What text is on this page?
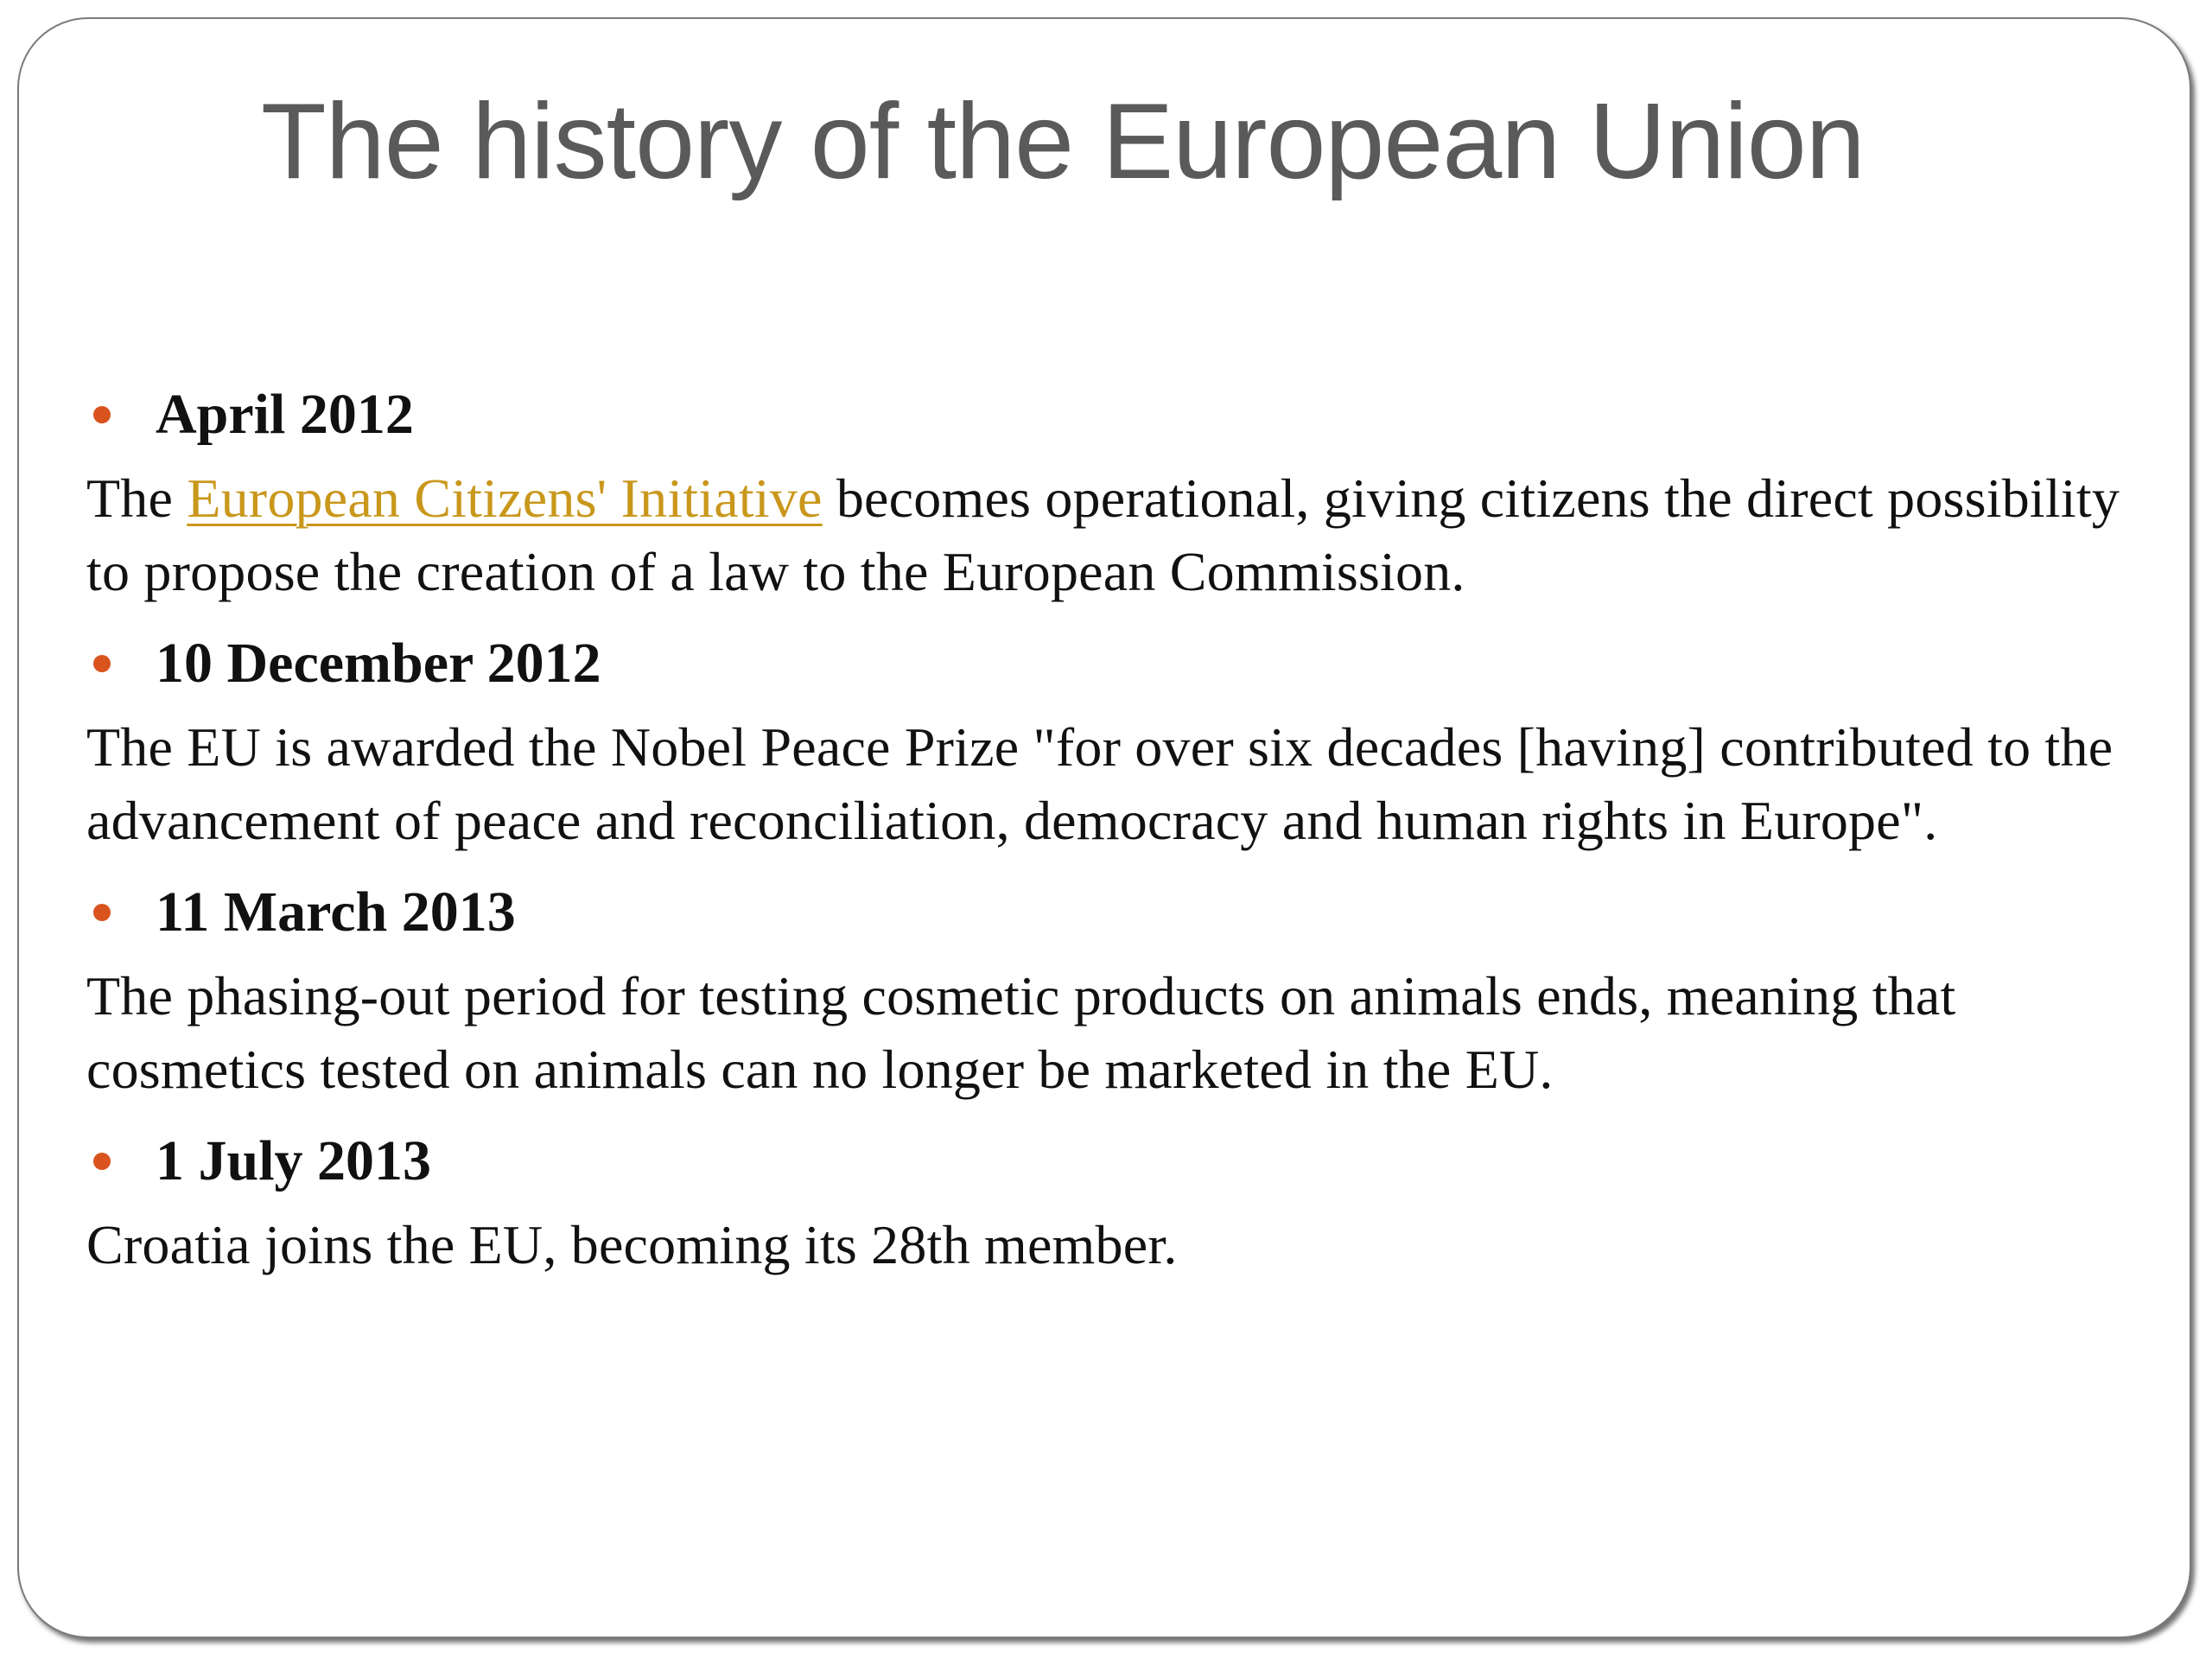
The history of the European Union
April 2012
The European Citizens' Initiative becomes operational, giving citizens the direct possibility to propose the creation of a law to the European Commission.
10 December 2012
The EU is awarded the Nobel Peace Prize "for over six decades [having] contributed to the advancement of peace and reconciliation, democracy and human rights in Europe".
11 March 2013
The phasing-out period for testing cosmetic products on animals ends, meaning that cosmetics tested on animals can no longer be marketed in the EU.
1 July 2013
Croatia joins the EU, becoming its 28th member.
